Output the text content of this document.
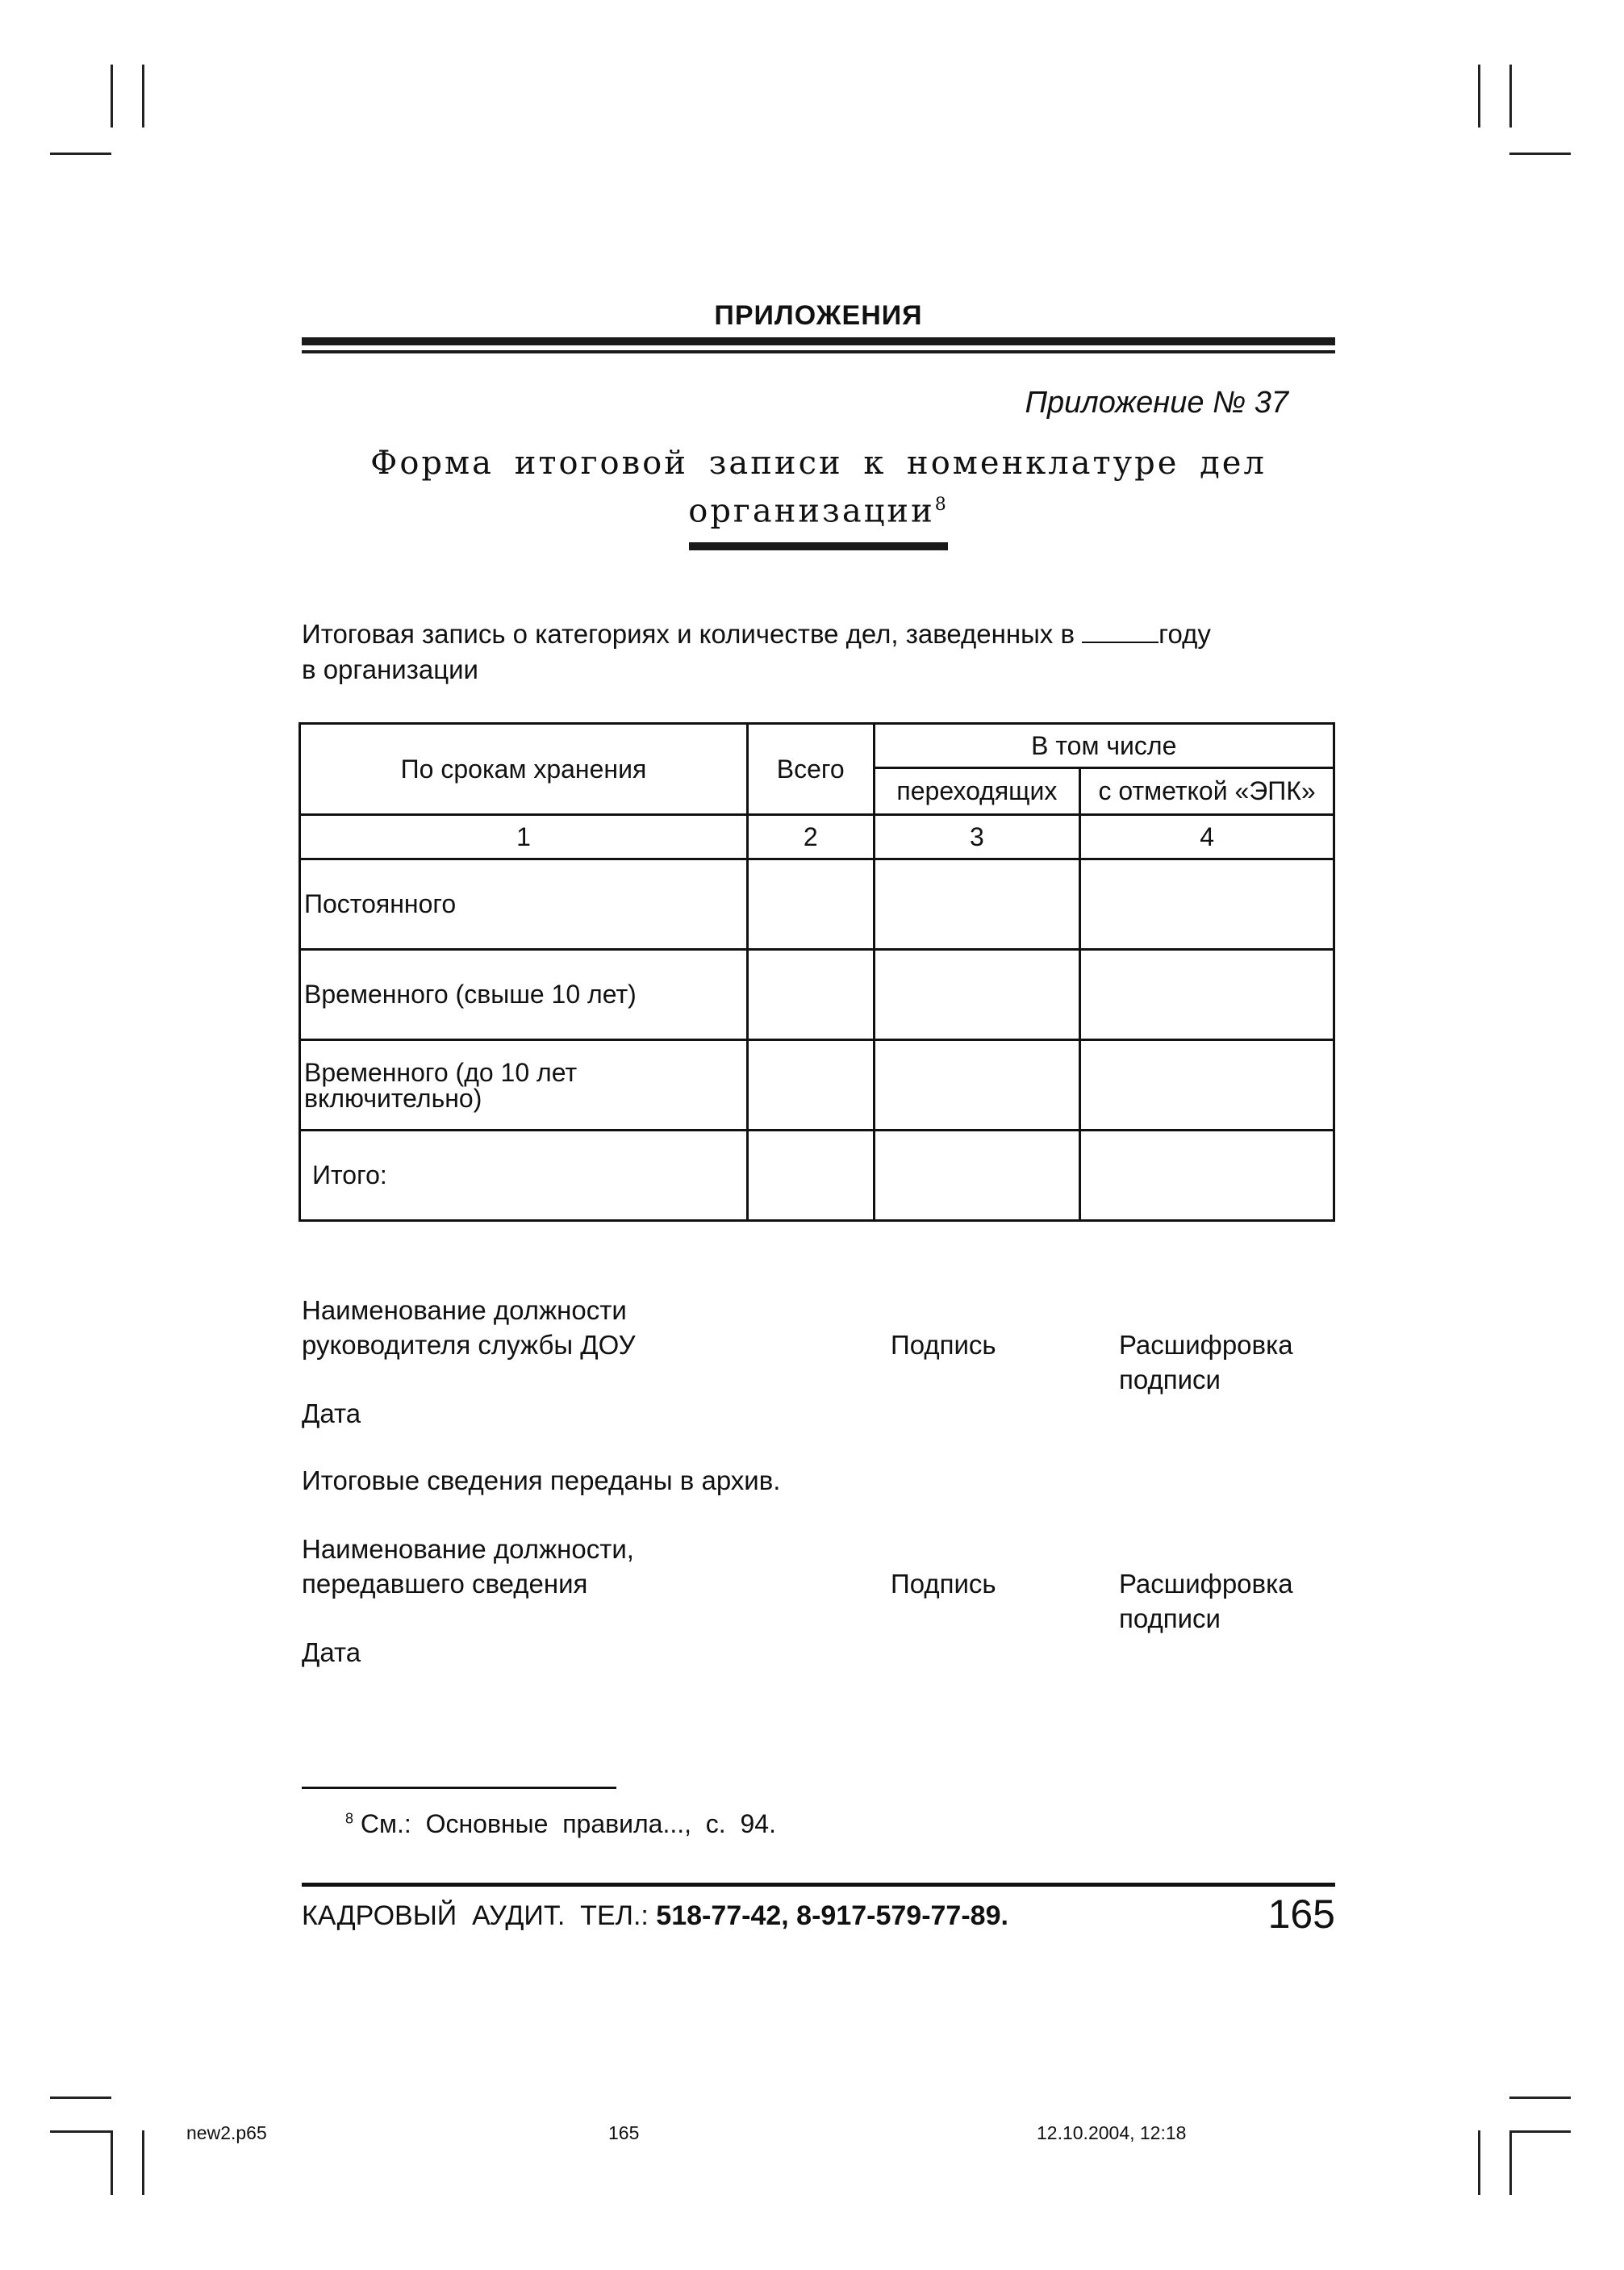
ПРИЛОЖЕНИЯ
Приложение № 37
Форма итоговой записи к номенклатуре дел организации$^8$
Итоговая запись о категориях и количестве дел, заведенных в	году
в организации
По срокам хранения	Всего	В том числе	
		переходящих	с отметкой «ЭПК»
1	2	3	4
Постоянного			
Временного (свыше 10 лет)			
Временного (до 10 лет включительно)			
Итого:			
Наименование должности
руководителя службы ДОУ	Подпись	Расшифровка
подписи
Дата
Итоговые сведения переданы в архив.
Наименование должности,
передавшего сведения	Подпись	Расшифровка
подписи
Дата
$^8$ См.:  Основные  правила...,  с.  94.
КАДРОВЫЙ  АУДИТ.  ТЕЛ.: 518-77-42, 8-917-579-77-89.	165
new2.p65	165	12.10.2004, 12:18
